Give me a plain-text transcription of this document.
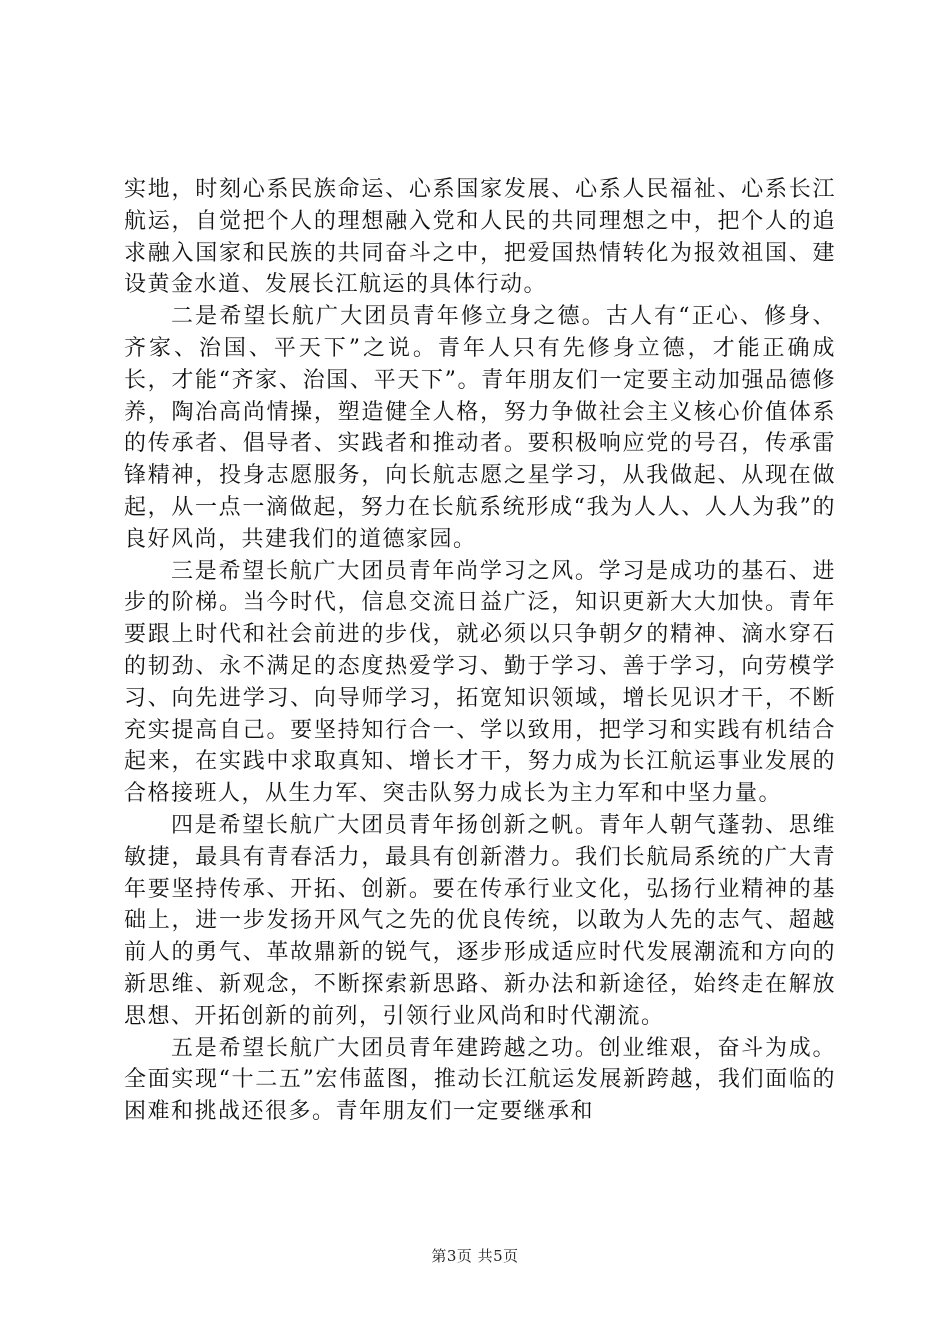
实地，时刻心系民族命运、心系国家发展、心系人民福祉、心系长江航运，自觉把个人的理想融入党和人民的共同理想之中，把个人的追求融入国家和民族的共同奋斗之中，把爱国热情转化为报效祖国、建设黄金水道、发展长江航运的具体行动。

二是希望长航广大团员青年修立身之德。古人有“正心、修身、齐家、治国、平天下”之说。青年人只有先修身立德，才能正确成长，才能“齐家、治国、平天下”。青年朋友们一定要主动加强品德修养，陶冶高尚情操，塑造健全人格，努力争做社会主义核心价值体系的传承者、倡导者、实践者和推动者。要积极响应党的号召，传承雷锋精神，投身志愿服务，向长航志愿之星学习，从我做起、从现在做起，从一点一滴做起，努力在长航系统形成“我为人人、人人为我”的良好风尚，共建我们的道德家园。

三是希望长航广大团员青年尚学习之风。学习是成功的基石、进步的阶梯。当今时代，信息交流日益广泛，知识更新大大加快。青年要跟上时代和社会前进的步伐，就必须以只争朝夕的精神、滴水穿石的韧劲、永不满足的态度热爱学习、勤于学习、善于学习，向劳模学习、向先进学习、向导师学习，拓宽知识领域，增长见识才干，不断充实提高自己。要坚持知行合一、学以致用，把学习和实践有机结合起来，在实践中求取真知、增长才干，努力成为长江航运事业发展的合格接班人，从生力军、突击队努力成长为主力军和中坚力量。

四是希望长航广大团员青年扬创新之帆。青年人朝气蓬勃、思维敏捷，最具有青春活力，最具有创新潜力。我们长航局系统的广大青年要坚持传承、开拓、创新。要在传承行业文化，弘扬行业精神的基础上，进一步发扬开风气之先的优良传统，以敢为人先的志气、超越前人的勇气、革故鼎新的锐气，逐步形成适应时代发展潮流和方向的新思维、新观念，不断探索新思路、新办法和新途径，始终走在解放思想、开拓创新的前列，引领行业风尚和时代潮流。

五是希望长航广大团员青年建跨越之功。创业维艰，奋斗为成。全面实现“十二五”宏伟蓝图，推动长江航运发展新跨越，我们面临的困难和挑战还很多。青年朋友们一定要继承和

第3页 共5页
